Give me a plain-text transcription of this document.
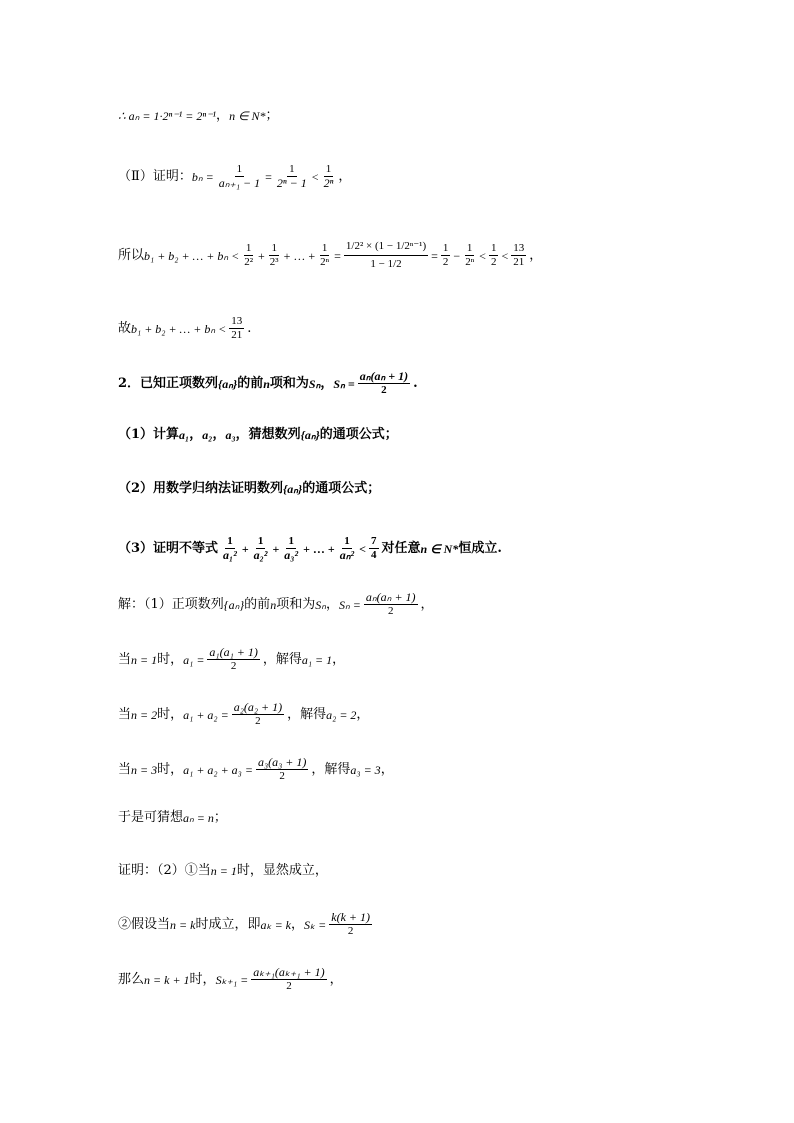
∴ aₙ = 1·2ⁿ⁻¹ = 2ⁿ⁻¹ ， n ∈ N* ；
（Ⅱ）证明： $b_n = \frac{1}{\text{aₙ₊₁ − 1}} = \frac{1}{\text{2ⁿ − 1}} < \frac{1}{\text{2ⁿ}}$ ，
所以 b₁ + b₂ + … + $b_n < \frac{1}{\text{2²}} + \frac{1}{\text{2³}}$ + … + $\frac{1}{\text{2ⁿ}} = \frac{\text{1/2² × (1 − 1/2ⁿ⁻¹)}}{1 - 1/2} = \frac{1}{2} - \frac{1}{\text{2ⁿ}} < \frac{1}{2} < \frac{13}{21}$ ，
故 b₁ + b₂ + … + $b_n < \frac{13}{21}$ .
2．已知正项数列 {aₙ} 的前 n 项和为 Sₙ ， $S_n = \frac{\text{aₙ(aₙ + 1)}}{2}$ .
（1）计算 a₁ ， a₂ ， a₃ ，猜想数列 {aₙ} 的通项公式；
（2）用数学归纳法证明数列 {aₙ} 的通项公式；
（3）证明不等式 $\frac{1}{\text{a₁²}} + \frac{1}{\text{a₂²}} + \frac{1}{\text{a₃²}}$ + … + $\frac{1}{\text{aₙ²}} < \frac{7}{4}$ 对任意 n ∈ N* 恒成立.
解：（1）正项数列 {aₙ} 的前 n 项和为 Sₙ ， $S_n = \frac{\text{aₙ(aₙ + 1)}}{2}$ ，
当 n = 1 时， $a_1 = \frac{\text{a₁(a₁ + 1)}}{2}$ ，解得 a₁ = 1 ，
当 n = 2 时， $a_1 + a_2 = \frac{\text{a₂(a₂ + 1)}}{2}$ ，解得 a₂ = 2 ，
当 n = 3 时， $a_1 + a_2 + a_3 = \frac{\text{a₃(a₃ + 1)}}{2}$ ，解得 a₃ = 3 ，
于是可猜想 aₙ = n ；
证明：（2）①当 n = 1 时，显然成立，
②假设当 n = k 时成立，即 aₖ = k ， $S_k = \frac{k(k + 1)}{2}$
那么 n = k + 1 时， $S_{k+1} = \frac{\text{aₖ₊₁(aₖ₊₁ + 1)}}{2}$ ，
